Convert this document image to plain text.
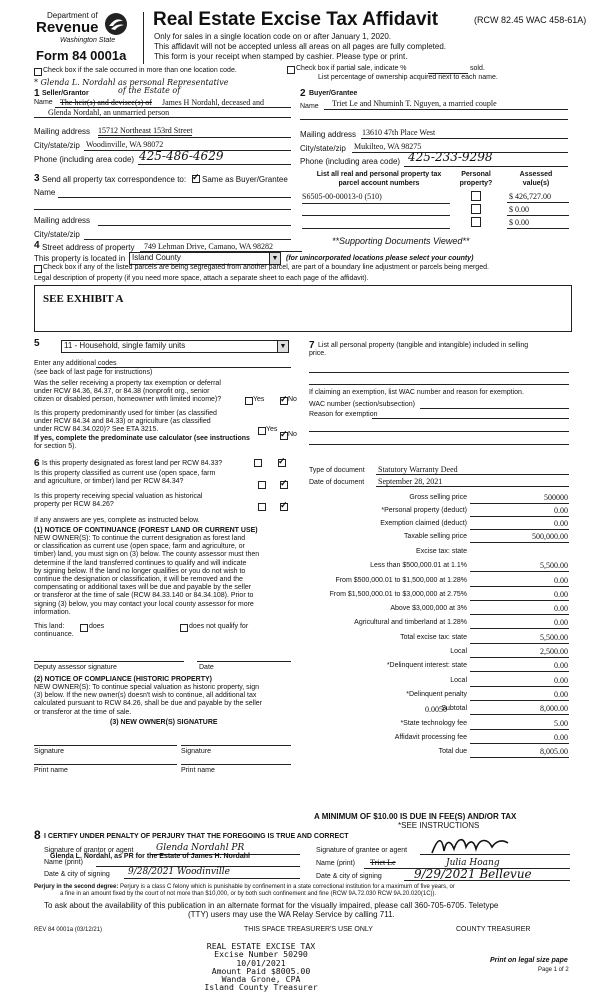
Department of
Revenue
Washington State
Form 84 0001a
Real Estate Excise Tax Affidavit	(RCW 82.45 WAC 458-61A)
Only for sales in a single location code on or after January 1, 2020.
This affidavit will not be accepted unless all areas on all pages are fully completed.
This form is your receipt when stamped by cashier. Please type or print.
Check box if the sale occurred in more than one location code.	Check box if partial sale, indicate %	sold.
List percentage of ownership acquired next to each name.
* Glenda L. Nordahl as personal Representative
1 Seller/Grantor	of the Estate of
Name The heir(s) and devisee(s) of James H Nordahl, deceased and
Glenda Nordahl, an unmarried person
Mailing address 15712 Northeast 153rd Street
City/state/zip Woodinville, WA 98072
Phone (including area code) 425-486-4629
2 Buyer/Grantee
Name Triet Le and Nhuminh T. Nguyen, a married couple
Mailing address 13610 47th Place West
City/state/zip Mukilteo, WA 98275
Phone (including area code) 425-233-9298
3 Send all property tax correspondence to: ✓ Same as Buyer/Grantee
Name
Mailing address
City/state/zip
List all real and personal property tax parcel account numbers
Personal property?
Assessed value(s)
S6505-00-00013-0 (510)	$ 426,727.00
$ 0.00
$ 0.00
4 Street address of property 749 Lehman Drive, Camano, WA 98282
**Supporting Documents Viewed**
This property is located in Island County	▼ (for unincorporated locations please select your county)
Check box if any of the listed parcels are being segregated from another parcel, are part of a boundary line adjustment or parcels being merged.
Legal description of property (if you need more space, attach a separate sheet to each page of the affidavit).
SEE EXHIBIT A
5	11 - Household, single family units	▼
Enter any additional codes
(see back of last page for instructions)
Was the seller receiving a property tax exemption or deferral
under RCW 84.36, 84.37, or 84.38 (nonprofit org., senior
citizen or disabled person, homeowner with limited income)?	Yes ✓	No
Is this property predominantly used for timber (as classified
under RCW 84.34 and 84.33) or agriculture (as classified
under RCW 84.34.020)? See ETA 3215.	Yes
✓
No
If yes, complete the predominate use calculator (see instructions
for section 5).
6 Is this property designated as forest land per RCW 84.33?
✓
Is this property classified as current use (open space, farm
and agriculture, or timber) land per RCW 84.34?
✓
Is this property receiving special valuation as historical
property per RCW 84.26?
✓
If any answers are yes, complete as instructed below.
(1) NOTICE OF CONTINUANCE (FOREST LAND OR CURRENT USE)
NEW OWNER(S): To continue the current designation as forest land
or classification as current use (open space, farm and agriculture, or
timber) land, you must sign on (3) below. The county assessor must then
determine if the land transferred continues to qualify and will indicate
by signing below. If the land no longer qualifies or you do not wish to
continue the designation or classification, it will be removed and the
compensating or additional taxes will be due and payable by the seller
or transferor at the time of sale (RCW 84.33.140 or 84.34.108). Prior to
signing (3) below, you may contact your local county assessor for more
information.
This land:
continuance.
does	does not qualify for
Deputy assessor signature	Date
(2) NOTICE OF COMPLIANCE (HISTORIC PROPERTY)
NEW OWNER(S): To continue special valuation as historic property, sign
(3) below. If the new owner(s) doesn't wish to continue, all additional tax
calculated pursuant to RCW 84.26, shall be due and payable by the seller
or transferor at the time of sale.
(3) NEW OWNER(S) SIGNATURE
Signature	Signature
Print name	Print name
7 List all personal property (tangible and intangible) included in selling
price.
If claiming an exemption, list WAC number and reason for exemption.
WAC number (section/subsection)
Reason for exemption
Type of document Statutory Warranty Deed
Date of document September 28, 2021
Gross selling price	500000
*Personal property (deduct)	0.00
Exemption claimed (deduct)	0.00
Taxable selling price	500,000.00
Excise tax: state
Less than $500,000.01 at 1.1%	5,500.00
From $500,000.01 to $1,500,000 at 1.28%	0.00
From $1,500,000.01 to $3,000,000 at 2.75%	0.00
Above $3,000,000 at 3%	0.00
Agricultural and timberland at 1.28%	0.00
Total excise tax: state	5,500.00
Local	2,500.00
*Delinquent interest: state	0.00
Local	0.00
*Delinquent penalty	0.00
Subtotal	8,000.00
*State technology fee	5.00
Affidavit processing fee	0.00
Total due	8,005.00
0.0050
A MINIMUM OF $10.00 IS DUE IN FEE(S) AND/OR TAX
*SEE INSTRUCTIONS
8 I CERTIFY UNDER PENALTY OF PERJURY THAT THE FOREGOING IS TRUE AND CORRECT
Signature of grantor or agent Glenda Nordahl PR
Name (print)
Glenda L. Nordahl, as PR for the Estate of James H. Nordahl
Date & city of signing 9/28/2021 Woodinville
Signature of grantee or agent
Name (print) Triet Le	Julia Hoang
Date & city of signing	9/29/2021 Bellevue
Perjury in the second degree: Perjury is a class C felony which is punishable by confinement in a state correctional institution for a maximum of five years, or
a fine in an amount fixed by the court of not more than $10,000, or by both such confinement and fine (RCW 9A.72.030 RCW 9A.20.020(1C)).
To ask about the availability of this publication in an alternate format for the visually impaired, please call 360-705-6705. Teletype
(TTY) users may use the WA Relay Service by calling 711.
REV 84 0001a (03/12/21)	THIS SPACE TREASURER'S USE ONLY	COUNTY TREASURER
REAL ESTATE EXCISE TAX
Excise Number 50290
10/01/2021
Amount Paid $8005.00
Wanda Grone, CPA
Island County Treasurer
Print on legal size pape
Page 1 of 2
